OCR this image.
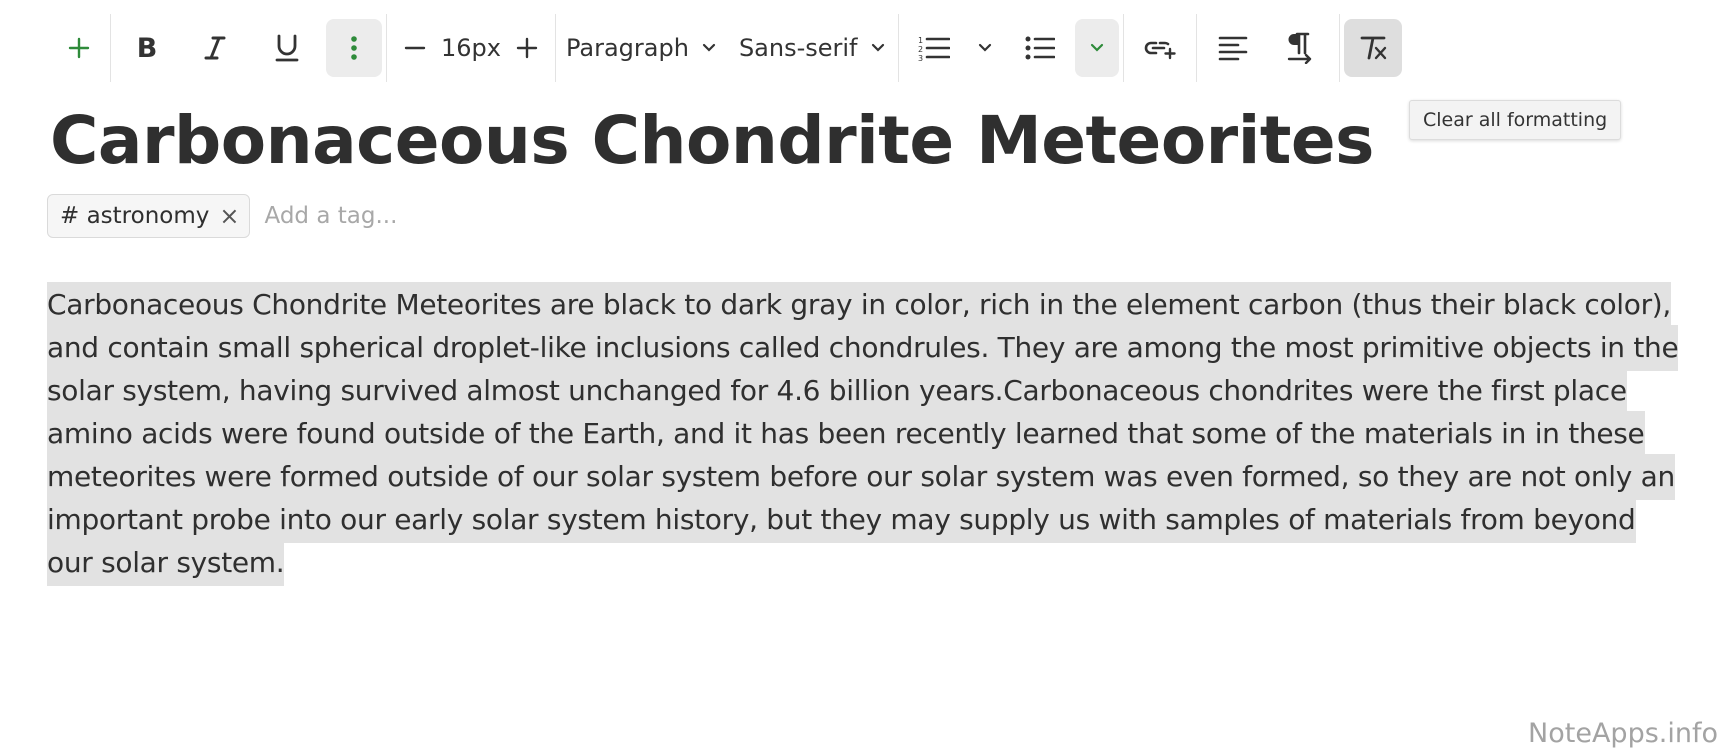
B	16px	Paragraph Sans-serif	1
2
3
Clear all formatting
Carbonaceous Chondrite Meteorites
# astronomy ×
Add a tag...

Carbonaceous Chondrite Meteorites are black to dark gray in color, rich in the element carbon (thus their black color), and contain small spherical droplet-like inclusions called chondrules. They are among the most primitive objects in the solar system, having survived almost unchanged for 4.6 billion years.Carbonaceous chondrites were the first place amino acids were found outside of the Earth, and it has been recently learned that some of the materials in in these meteorites were formed outside of our solar system before our solar system was even formed, so they are not only an important probe into our early solar system history, but they may supply us with samples of materials from beyond our solar system.

NoteApps.info
